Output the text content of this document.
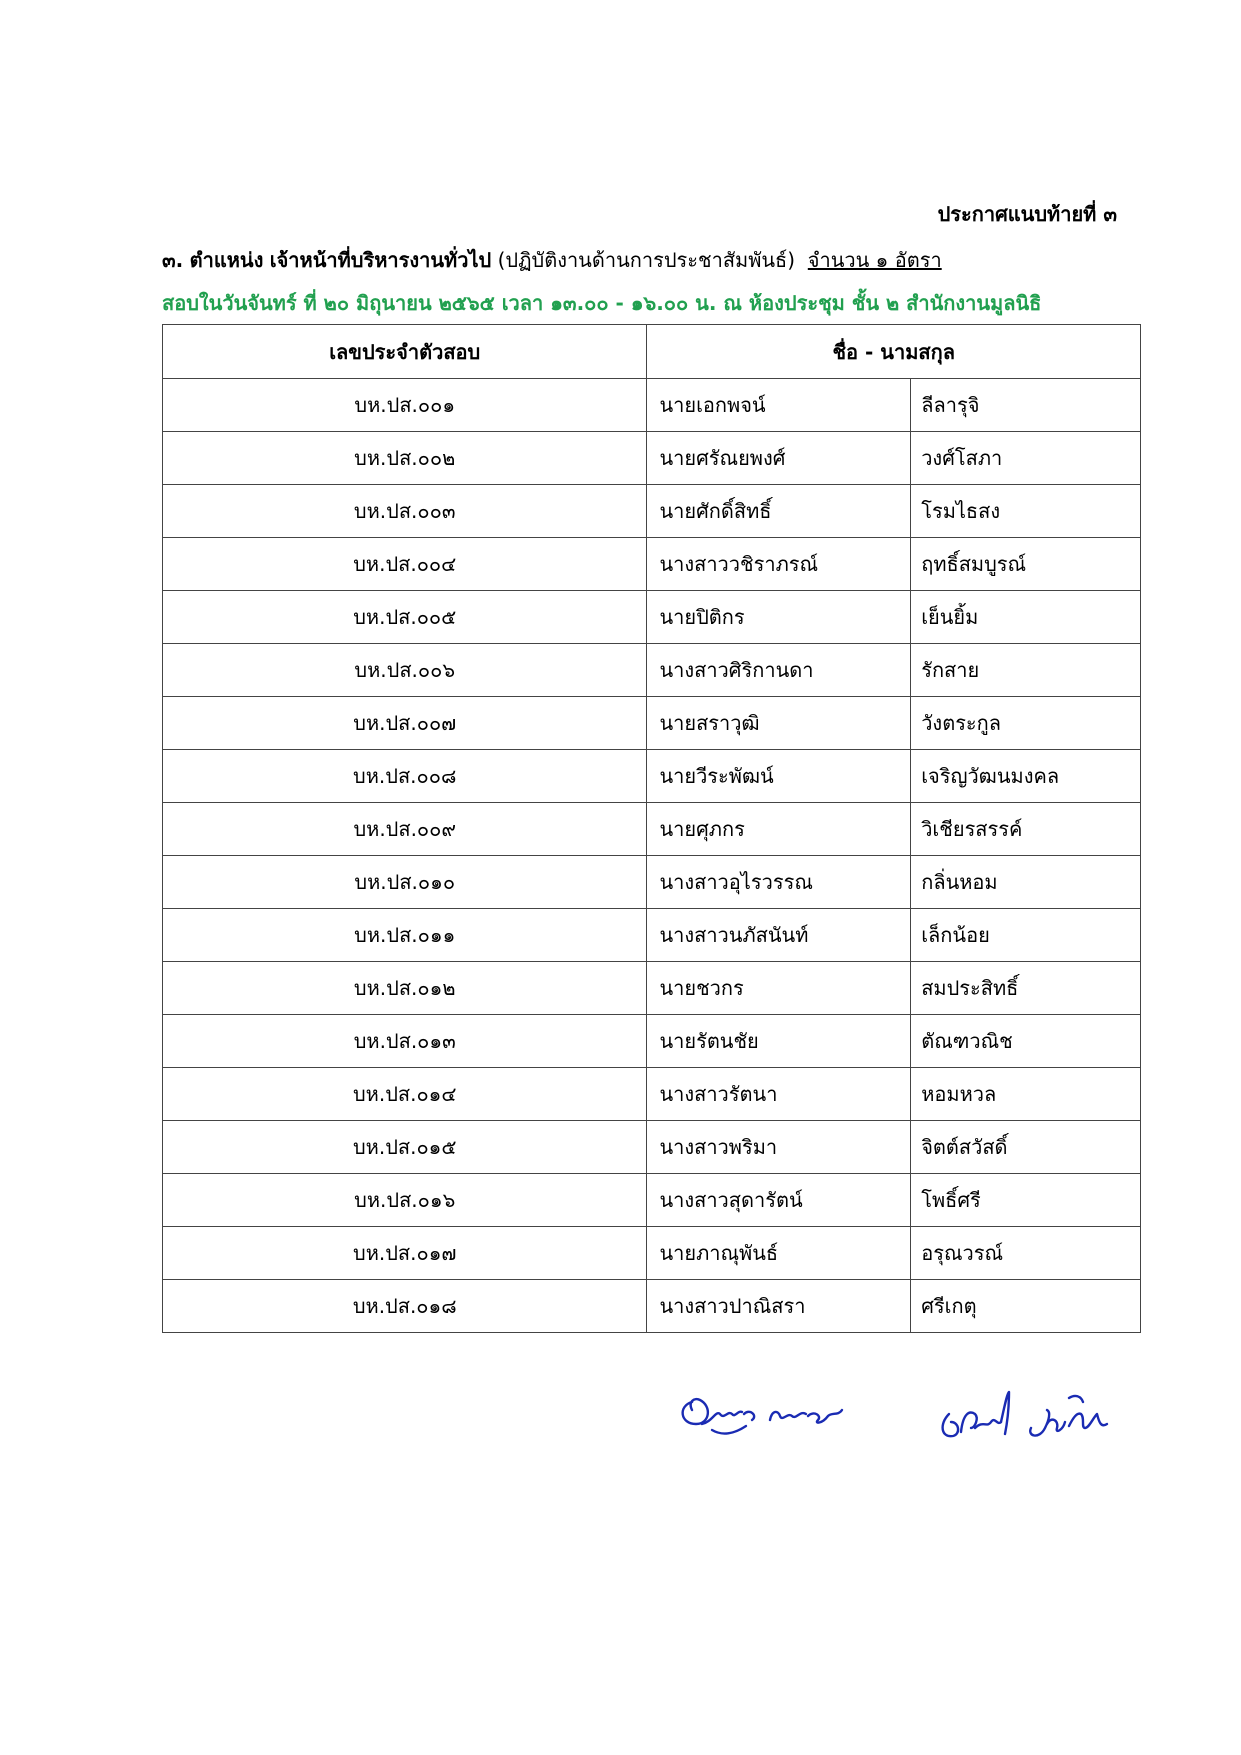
ประกาศแนบท้ายที่ ๓
๓. ตำแหน่ง เจ้าหน้าที่บริหารงานทั่วไป (ปฏิบัติงานด้านการประชาสัมพันธ์) จำนวน ๑ อัตรา
สอบในวันจันทร์ ที่ ๒๐ มิถุนายน ๒๕๖๕ เวลา ๑๓.๐๐ - ๑๖.๐๐ น. ณ ห้องประชุม ชั้น ๒ สำนักงานมูลนิธิ
เลขประจำตัวสอบ	ชื่อ - นามสกุล	
บห.ปส.๐๐๑	นายเอกพจน์	ลีลารุจิ
บห.ปส.๐๐๒	นายศรัณยพงศ์	วงศ์โสภา
บห.ปส.๐๐๓	นายศักดิ์สิทธิ์	โรมไธสง
บห.ปส.๐๐๔	นางสาววชิราภรณ์	ฤทธิ์สมบูรณ์
บห.ปส.๐๐๕	นายปิติกร	เย็นยิ้ม
บห.ปส.๐๐๖	นางสาวศิริกานดา	รักสาย
บห.ปส.๐๐๗	นายสราวุฒิ	วังตระกูล
บห.ปส.๐๐๘	นายวีระพัฒน์	เจริญวัฒนมงคล
บห.ปส.๐๐๙	นายศุภกร	วิเชียรสรรค์
บห.ปส.๐๑๐	นางสาวอุไรวรรณ	กลิ่นหอม
บห.ปส.๐๑๑	นางสาวนภัสนันท์	เล็กน้อย
บห.ปส.๐๑๒	นายชวกร	สมประสิทธิ์
บห.ปส.๐๑๓	นายรัตนชัย	ตัณฑวณิช
บห.ปส.๐๑๔	นางสาวรัตนา	หอมหวล
บห.ปส.๐๑๕	นางสาวพริมา	จิตต์สวัสดิ์
บห.ปส.๐๑๖	นางสาวสุดารัตน์	โพธิ์ศรี
บห.ปส.๐๑๗	นายภาณุพันธ์	อรุณวรณ์
บห.ปส.๐๑๘	นางสาวปาณิสรา	ศรีเกตุ
